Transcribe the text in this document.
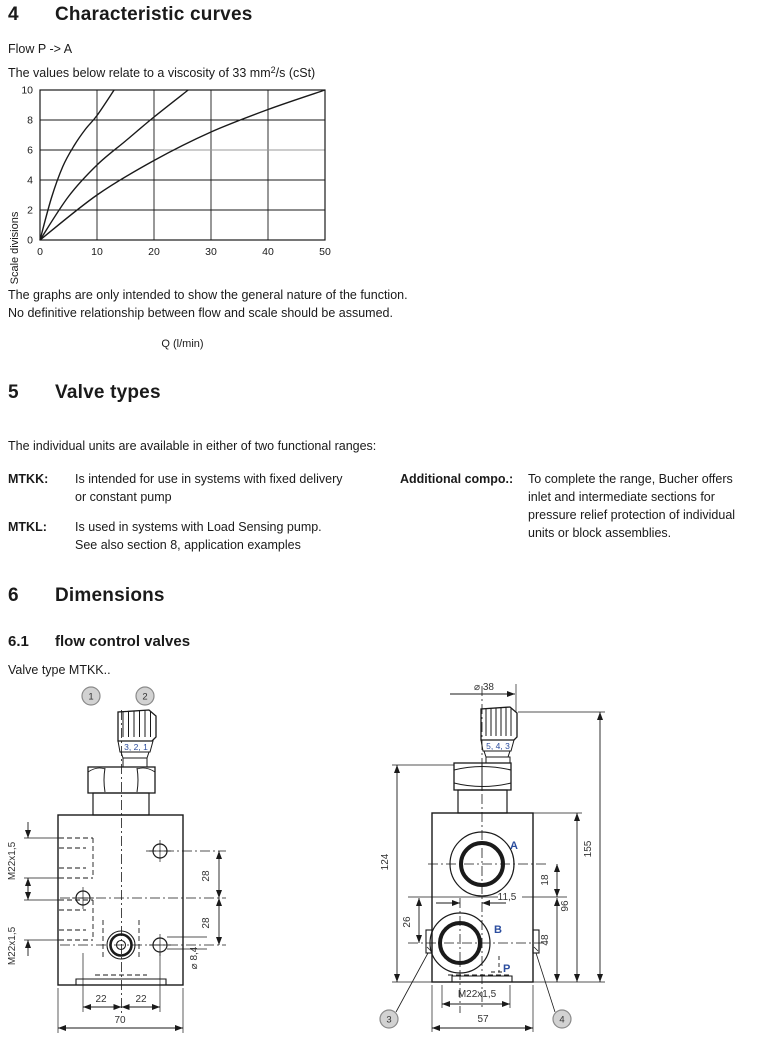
4 Characteristic curves
Flow P -> A
The values below relate to a viscosity of 33 $mm^2/s$ (cSt)
0	10	20	30	40	50
0
2
4
6
8
10
Scale divisions
Q (l/min)
The graphs are only intended to show the general nature of the function.
No definitive relationship between flow and scale should be assumed.
5 Valve types
The individual units are available in either of two functional ranges:
MTKK: Is intended for use in systems with fixed delivery
or constant pump
MTKL: Is used in systems with Load Sensing pump.
See also section 8, application examples
Additional compo.: To complete the range, Bucher offers
inlet and intermediate sections for
pressure relief protection of individual
units or block assemblies.
6 Dimensions
6.1 flow control valves
Valve type MTKK..
1	2
3, 2, 1
M22x1,5
M22x1,5
28
28
⌀ 8,4
22	22
70
⌀ 38
5, 4, 3
A
B
P
124
155
96
18
48
26
11,5
M22x1,5
57
3	4
